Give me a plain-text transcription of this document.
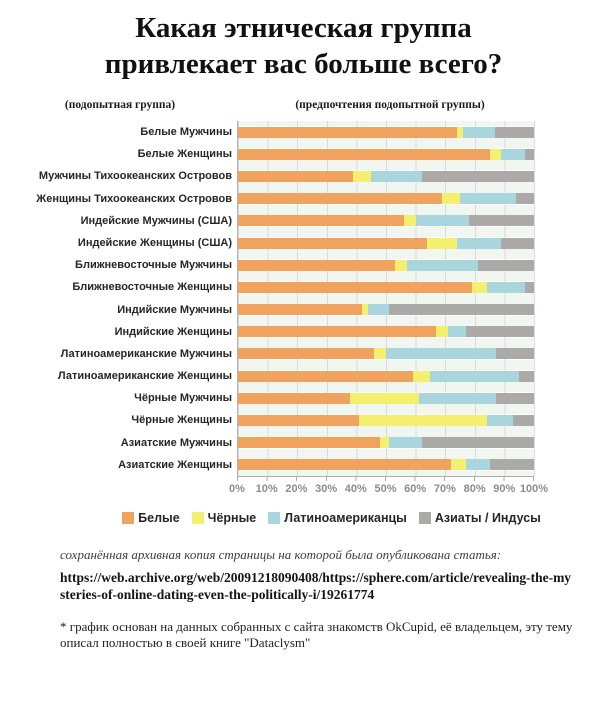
Какая этническая группа
привлекает вас больше всего?
(подопытная группа)	(предпочтения подопытной группы)
Белые Мужчины
Белые Женщины
Мужчины Тихоокеанских Островов
Женщины Тихоокеанских Островов
Индейские Мужчины (США)
Индейские Женщины (США)
Ближневосточные Мужчины
Ближневосточные Женщины
Индийские Мужчины
Индийские Женщины
Латиноамериканские Мужчины
Латиноамериканские Женщины
Чёрные Мужчины
Чёрные Женщины
Азиатские Мужчины
Азиатские Женщины
0% 10% 20% 30% 40% 50% 60% 70% 80% 90% 100%
Белые Чёрные Латиноамериканцы Азиаты / Индусы
сохранённая архивная копия страницы на которой была опубликована статья:
https://web.archive.org/web/20091218090408/https://sphere.com/article/revealing-the-mysteries-of-online-dating-even-the-politically-i/19261774
* график основан на данных собранных с сайта знакомств OkCupid, её владельцем, эту тему описал полностью в своей книге "Dataclysm"
